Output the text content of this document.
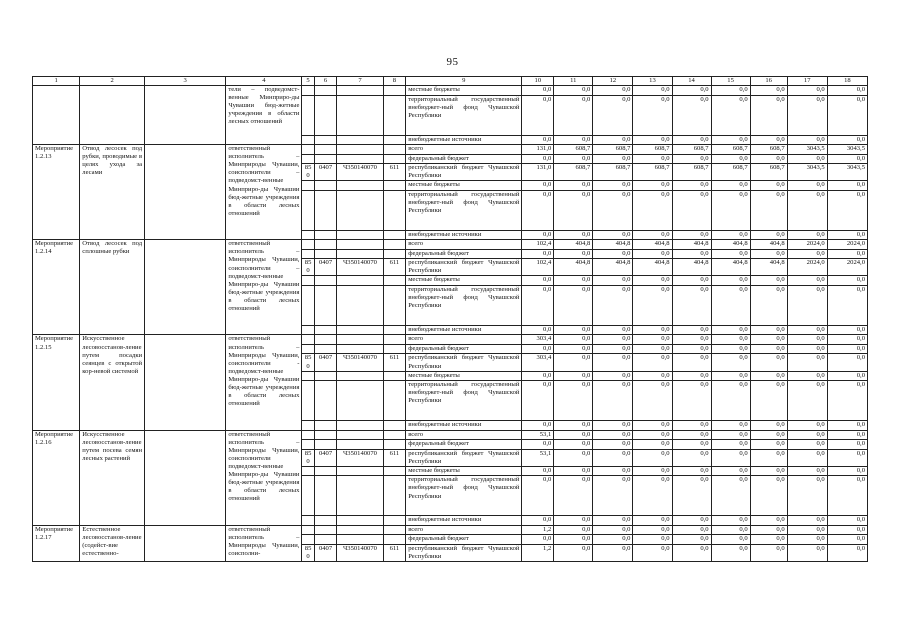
95
1	2	3	4	5	6	7	8	9	10	11	12	13	14	15	16	17	18
			тели – подведомст-венные Минприро-ды Чувашии бюд-жетные учреждения в области лесных отношений					местные бюджеты	0,0	0,0	0,0	0,0	0,0	0,0	0,0	0,0	0,0
								территориальный государственный внебюджет-ный фонд Чувашской Республики	0,0	0,0	0,0	0,0	0,0	0,0	0,0	0,0	0,0
								внебюджетные источники	0,0	0,0	0,0	0,0	0,0	0,0	0,0	0,0	0,0
Мероприятие 1.2.13	Отвод лесосек под рубки, проводимые в целях ухода за лесами		ответственный исполнитель – Минприроды Чувашии, соисполнители – подведомст-венные Минприро-ды Чувашии бюд-жетные учреждения в области лесных отношений					всего	131,0	608,7	608,7	608,7	608,7	608,7	608,7	3043,5	3043,5
								федеральный бюджет	0,0	0,0	0,0	0,0	0,0	0,0	0,0	0,0	0,0
				850	0407	Ч350140070	611	республиканский бюджет Чувашской Республики	131,0	608,7	608,7	608,7	608,7	608,7	608,7	3043,5	3043,5
								местные бюджеты	0,0	0,0	0,0	0,0	0,0	0,0	0,0	0,0	0,0
								территориальный государственный внебюджет-ный фонд Чувашской Республики	0,0	0,0	0,0	0,0	0,0	0,0	0,0	0,0	0,0
								внебюджетные источники	0,0	0,0	0,0	0,0	0,0	0,0	0,0	0,0	0,0
Мероприятие 1.2.14	Отвод лесосек под сплошные рубки		ответственный исполнитель – Минприроды Чувашии, соисполнители – подведомст-венные Минприро-ды Чувашии бюд-жетные учреждения в области лесных отношений					всего	102,4	404,8	404,8	404,8	404,8	404,8	404,8	2024,0	2024,0
								федеральный бюджет	0,0	0,0	0,0	0,0	0,0	0,0	0,0	0,0	0,0
				850	0407	Ч350140070	611	республиканский бюджет Чувашской Республики	102,4	404,8	404,8	404,8	404,8	404,8	404,8	2024,0	2024,0
								местные бюджеты	0,0	0,0	0,0	0,0	0,0	0,0	0,0	0,0	0,0
								территориальный государственный внебюджет-ный фонд Чувашской Республики	0,0	0,0	0,0	0,0	0,0	0,0	0,0	0,0	0,0
								внебюджетные источники	0,0	0,0	0,0	0,0	0,0	0,0	0,0	0,0	0,0
Мероприятие 1.2.15	Искусственное лесовосстанов-ление путем посадки сеянцев с открытой кор-невой системой		ответственный исполнитель – Минприроды Чувашии, соисполнители - подведомст-венные Минприро-ды Чувашии бюд-жетные учреждения в области лесных отношений					всего	303,4	0,0	0,0	0,0	0,0	0,0	0,0	0,0	0,0
								федеральный бюджет	0,0	0,0	0,0	0,0	0,0	0,0	0,0	0,0	0,0
				850	0407	Ч350140070	611	республиканский бюджет Чувашской Республики	303,4	0,0	0,0	0,0	0,0	0,0	0,0	0,0	0,0
								местные бюджеты	0,0	0,0	0,0	0,0	0,0	0,0	0,0	0,0	0,0
								территориальный государственный внебюджет-ный фонд Чувашской Республики	0,0	0,0	0,0	0,0	0,0	0,0	0,0	0,0	0,0
								внебюджетные источники	0,0	0,0	0,0	0,0	0,0	0,0	0,0	0,0	0,0
Мероприятие 1.2.16	Искусственное лесовосстанов-ление путем посева семян лесных растений		ответственный исполнитель – Минприроды Чувашии, соисполнители подведомст-венные Минприро-ды Чувашии бюд-жетные учреждения в области лесных отношений					всего	53,1	0,0	0,0	0,0	0,0	0,0	0,0	0,0	0,0
								федеральный бюджет	0,0	0,0	0,0	0,0	0,0	0,0	0,0	0,0	0,0
				850	0407	Ч350140070	611	республиканский бюджет Чувашской Республики	53,1	0,0	0,0	0,0	0,0	0,0	0,0	0,0	0,0
								местные бюджеты	0,0	0,0	0,0	0,0	0,0	0,0	0,0	0,0	0,0
								территориальный государственный внебюджет-ный фонд Чувашской Республики	0,0	0,0	0,0	0,0	0,0	0,0	0,0	0,0	0,0
								внебюджетные источники	0,0	0,0	0,0	0,0	0,0	0,0	0,0	0,0	0,0
Мероприятие 1.2.17	Естественное лесовосстанов-ление (содейст-вие естественно-		ответственный исполнитель – Минприроды Чувашии, соисполни-					всего	1,2	0,0	0,0	0,0	0,0	0,0	0,0	0,0	0,0
								федеральный бюджет	0,0	0,0	0,0	0,0	0,0	0,0	0,0	0,0	0,0
				850	0407	Ч350140070	611	республиканский бюджет Чувашской Республики	1,2	0,0	0,0	0,0	0,0	0,0	0,0	0,0	0,0
